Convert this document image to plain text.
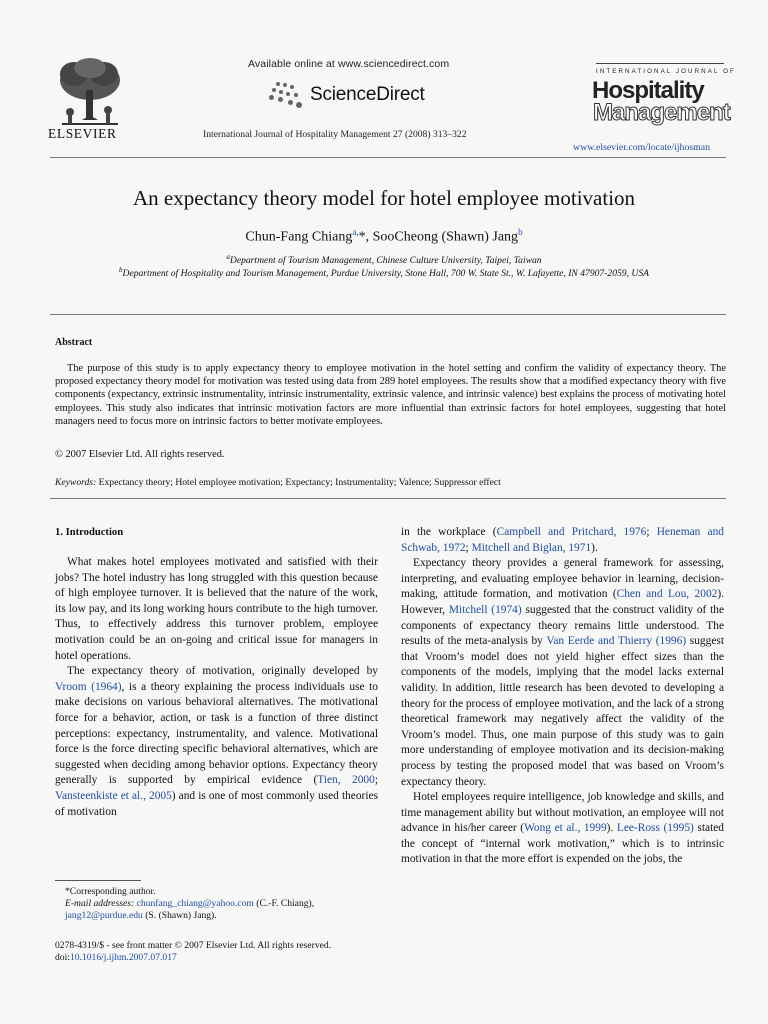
Available online at www.sciencedirect.com
ScienceDirect
ELSEVIER	International Journal of Hospitality Management 27 (2008) 313–322
INTERNATIONAL JOURNAL OF
Hospitality
Management
www.elsevier.com/locate/ijhosman
An expectancy theory model for hotel employee motivation
Chun-Fang Chiang$^{a,}$*, SooCheong (Shawn) Jang$^b$
$^a$Department of Tourism Management, Chinese Culture University, Taipei, Taiwan
$^b$Department of Hospitality and Tourism Management, Purdue University, Stone Hall, 700 W. State St., W. Lafayette, IN 47907-2059, USA
Abstract
The purpose of this study is to apply expectancy theory to employee motivation in the hotel setting and confirm the validity of expectancy theory. The proposed expectancy theory model for motivation was tested using data from 289 hotel employees. The results show that a modified expectancy theory with five components (expectancy, extrinsic instrumentality, intrinsic instrumentality, extrinsic valence, and intrinsic valence) best explains the process of motivating hotel employees. This study also indicates that intrinsic motivation factors are more influential than extrinsic factors for hotel employees, suggesting that hotel managers need to focus more on intrinsic factors to better motivate employees.
© 2007 Elsevier Ltd. All rights reserved.
Keywords: Expectancy theory; Hotel employee motivation; Expectancy; Instrumentality; Valence; Suppressor effect
1. Introduction

What makes hotel employees motivated and satisfied with their jobs? The hotel industry has long struggled with this question because of high employee turnover. It is believed that the nature of the work, its low pay, and its long working hours contribute to the high turnover. Thus, to effectively address this turnover problem, employee motivation could be an on-going and critical issue for managers in hotel operations.

The expectancy theory of motivation, originally developed by Vroom (1964), is a theory explaining the process individuals use to make decisions on various behavioral alternatives. The motivational force for a behavior, action, or task is a function of three distinct perceptions: expectancy, instrumentality, and valence. Motivational force is the force directing specific behavioral alternatives, which are suggested when deciding among behavior options. Expectancy theory generally is supported by empirical evidence (Tien, 2000; Vansteenkiste et al., 2005) and is one of most commonly used theories of motivation

in the workplace (Campbell and Pritchard, 1976; Heneman and Schwab, 1972; Mitchell and Biglan, 1971).

Expectancy theory provides a general framework for assessing, interpreting, and evaluating employee behavior in learning, decision-making, attitude formation, and motivation (Chen and Lou, 2002). However, Mitchell (1974) suggested that the construct validity of the components of expectancy theory remains little understood. The results of the meta-analysis by Van Eerde and Thierry (1996) suggest that Vroom’s model does not yield higher effect sizes than the components of the models, implying that the model lacks external validity. In addition, little research has been devoted to developing a theory for the process of employee motivation, and the lack of a strong theoretical framework may negatively affect the validity of the Vroom’s model. Thus, one main purpose of this study was to gain more understanding of employee motivation and its decision-making process by testing the proposed model that was based on Vroom’s expectancy theory.

Hotel employees require intelligence, job knowledge and skills, and time management ability but without motivation, an employee will not advance in his/her career (Wong et al., 1999). Lee-Ross (1995) stated the concept of “internal work motivation,” which is to intrinsic motivation in that the more effort is expended on the jobs, the

*Corresponding author.
E-mail addresses: chunfang_chiang@yahoo.com (C.-F. Chiang), jang12@purdue.edu (S. (Shawn) Jang).
0278-4319/$ - see front matter © 2007 Elsevier Ltd. All rights reserved.
doi:10.1016/j.ijhm.2007.07.017
